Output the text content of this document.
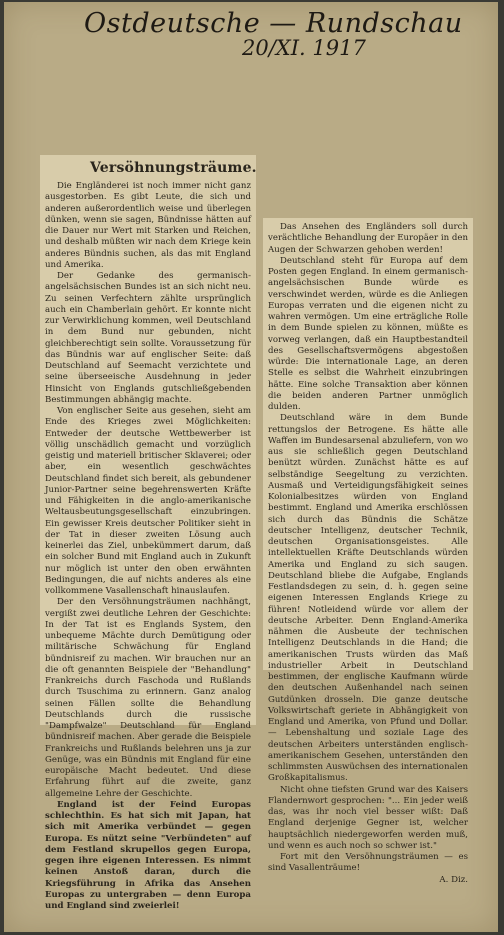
Ostdeutsche — Rundschau
20/XI. 1917
Versöhnungsträume.

Die Engländerei ist noch immer nicht ganz ausgestorben. Es gibt Leute, die sich und anderen außerordentlich weise und überlegen dünken, wenn sie sagen, Bündnisse hätten auf die Dauer nur Wert mit Starken und Reichen, und deshalb müßten wir nach dem Kriege kein anderes Bündnis suchen, als das mit England und Amerika.

Der Gedanke des germanisch-angelsächsischen Bundes ist an sich nicht neu. Zu seinen Verfechtern zählte ursprünglich auch ein Chamberlain gehört. Er konnte nicht zur Verwirklichung kommen, weil Deutschland in dem Bund nur gebunden, nicht gleichberechtigt sein sollte. Voraussetzung für das Bündnis war auf englischer Seite: daß Deutschland auf Seemacht verzichtete und seine überseeische Ausdehnung in jeder Hinsicht von Englands gutschließgebenden Bestimmungen abhängig machte.

Von englischer Seite aus gesehen, sieht am Ende des Krieges zwei Möglichkeiten: Entweder der deutsche Wettbewerber ist völlig unschädlich gemacht und vorzüglich geistig und materiell britischer Sklaverei; oder aber, ein wesentlich geschwächtes Deutschland findet sich bereit, als gebundener Junior-Partner seine begehrenswerten Kräfte und Fähigkeiten in die anglo-amerikanische Weltausbeutungsgesellschaft einzubringen. Ein gewisser Kreis deutscher Politiker sieht in der Tat in dieser zweiten Lösung auch keinerlei das Ziel, unbekümmert darum, daß ein solcher Bund mit England auch in Zukunft nur möglich ist unter den oben erwähnten Bedingungen, die auf nichts anderes als eine vollkommene Vasallenschaft hinauslaufen.

Der den Versöhnungsträumen nachhängt, vergißt zwei deutliche Lehren der Geschichte: In der Tat ist es Englands System, den unbequeme Mächte durch Demütigung oder militärische Schwächung für England bündnisreif zu machen. Wir brauchen nur an die oft genannten Beispiele der "Behandlung" Frankreichs durch Faschoda und Rußlands durch Tsuschima zu erinnern. Ganz analog seinen Fällen sollte die Behandlung Deutschlands durch die russische "Dampfwalze" Deutschland für England bündnisreif machen. Aber gerade die Beispiele Frankreichs und Rußlands belehren uns ja zur Genüge, was ein Bündnis mit England für eine europäische Macht bedeutet. Und diese Erfahrung führt auf die zweite, ganz allgemeine Lehre der Geschichte.

England ist der Feind Europas schlechthin. Es hat sich mit Japan, hat sich mit Amerika verbündet — gegen Europa. Es nützt seine "Verbündeten" auf dem Festland skrupellos gegen Europa, gegen ihre eigenen Interessen. Es nimmt keinen Anstoß daran, durch die Kriegsführung in Afrika das Ansehen Europas zu untergraben — denn Europa und England sind zweierlei!

Das Ansehen des Engländers soll durch verächtliche Behandlung der Europäer in den Augen der Schwarzen gehoben werden!

Deutschland steht für Europa auf dem Posten gegen England. In einem germanisch-angelsächsischen Bunde würde es verschwindet werden, würde es die Anliegen Europas verraten und die eigenen nicht zu wahren vermögen. Um eine erträgliche Rolle in dem Bunde spielen zu können, müßte es vorweg verlangen, daß ein Hauptbestandteil des Gesellschaftsvermögens abgestoßen würde: Die internationale Lage, an deren Stelle es selbst die Wahrheit einzubringen hätte. Eine solche Transaktion aber können die beiden anderen Partner unmöglich dulden.

Deutschland wäre in dem Bunde rettungslos der Betrogene. Es hätte alle Waffen im Bundesarsenal abzuliefern, von wo aus sie schließlich gegen Deutschland benützt würden. Zunächst hätte es auf selbständige Seegeltung zu verzichten. Ausmaß und Verteidigungsfähigkeit seines Kolonialbesitzes würden von England bestimmt. England und Amerika erschlössen sich durch das Bündnis die Schätze deutscher Intelligenz, deutscher Technik, deutschen Organisationsgeistes. Alle intellektuellen Kräfte Deutschlands würden Amerika und England zu sich saugen. Deutschland bliebe die Aufgabe, Englands Festlandsdegen zu sein, d. h. gegen seine eigenen Interessen Englands Kriege zu führen! Notleidend würde vor allem der deutsche Arbeiter. Denn England-Amerika nähmen die Ausbeute der technischen Intelligenz Deutschlands in die Hand; die amerikanischen Trusts würden das Maß industrieller Arbeit in Deutschland bestimmen, der englische Kaufmann würde den deutschen Außenhandel nach seinen Gutdünken drosseln. Die ganze deutsche Volkswirtschaft geriete in Abhängigkeit von England und Amerika, von Pfund und Dollar. — Lebenshaltung und soziale Lage des deutschen Arbeiters unterständen englisch-amerikanischem Gesehen, unterständen den schlimmsten Auswüchsen des internationalen Großkapitalismus.

Nicht ohne tiefsten Grund war des Kaisers Flandernwort gesprochen: "... Ein jeder weiß das, was ihr noch viel besser wißt: Daß England derjenige Gegner ist, welcher hauptsächlich niedergeworfen werden muß, und wenn es auch noch so schwer ist."

Fort mit den Versöhnungsträumen — es sind Vasallenträume!

A. Diz.
